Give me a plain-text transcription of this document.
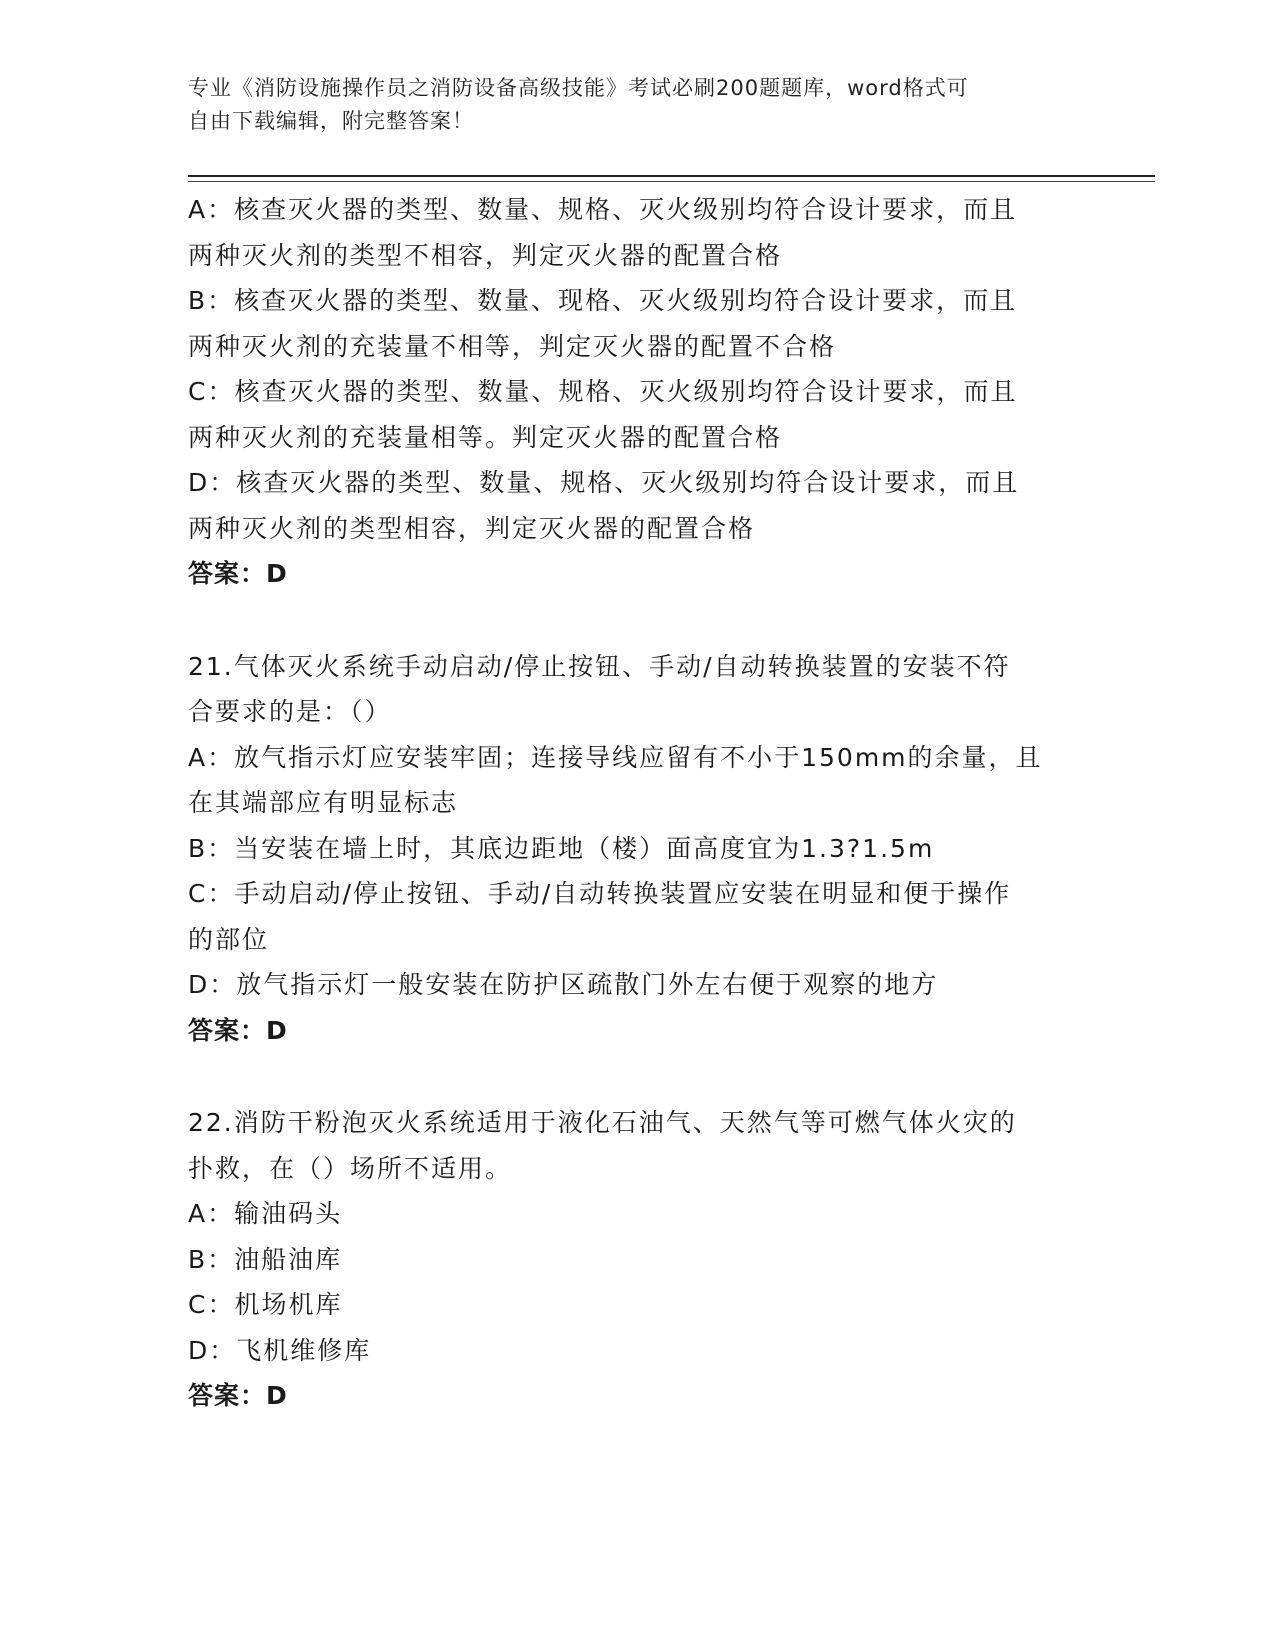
专业《消防设施操作员之消防设备高级技能》考试必刷200题题库，word格式可
自由下载编辑，附完整答案！
A：核查灭火器的类型、数量、规格、灭火级别均符合设计要求，而且
两种灭火剂的类型不相容，判定灭火器的配置合格
B：核查灭火器的类型、数量、现格、灭火级别均符合设计要求，而且
两种灭火剂的充装量不相等，判定灭火器的配置不合格
C：核查灭火器的类型、数量、规格、灭火级别均符合设计要求，而且
两种灭火剂的充装量相等。判定灭火器的配置合格
D：核查灭火器的类型、数量、规格、灭火级别均符合设计要求，而且
两种灭火剂的类型相容，判定灭火器的配置合格
答案：D
21.气体灭火系统手动启动/停止按钮、手动/自动转换装置的安装不符
合要求的是：（）
A：放气指示灯应安装牢固；连接导线应留有不小于150mm的余量，且
在其端部应有明显标志
B：当安装在墙上时，其底边距地（楼）面高度宜为1.3?1.5m
C：手动启动/停止按钮、手动/自动转换装置应安装在明显和便于操作
的部位
D：放气指示灯一般安装在防护区疏散门外左右便于观察的地方
答案：D
22.消防干粉泡灭火系统适用于液化石油气、天然气等可燃气体火灾的
扑救，在（）场所不适用。
A：输油码头
B：油船油库
C：机场机库
D：飞机维修库
答案：D
